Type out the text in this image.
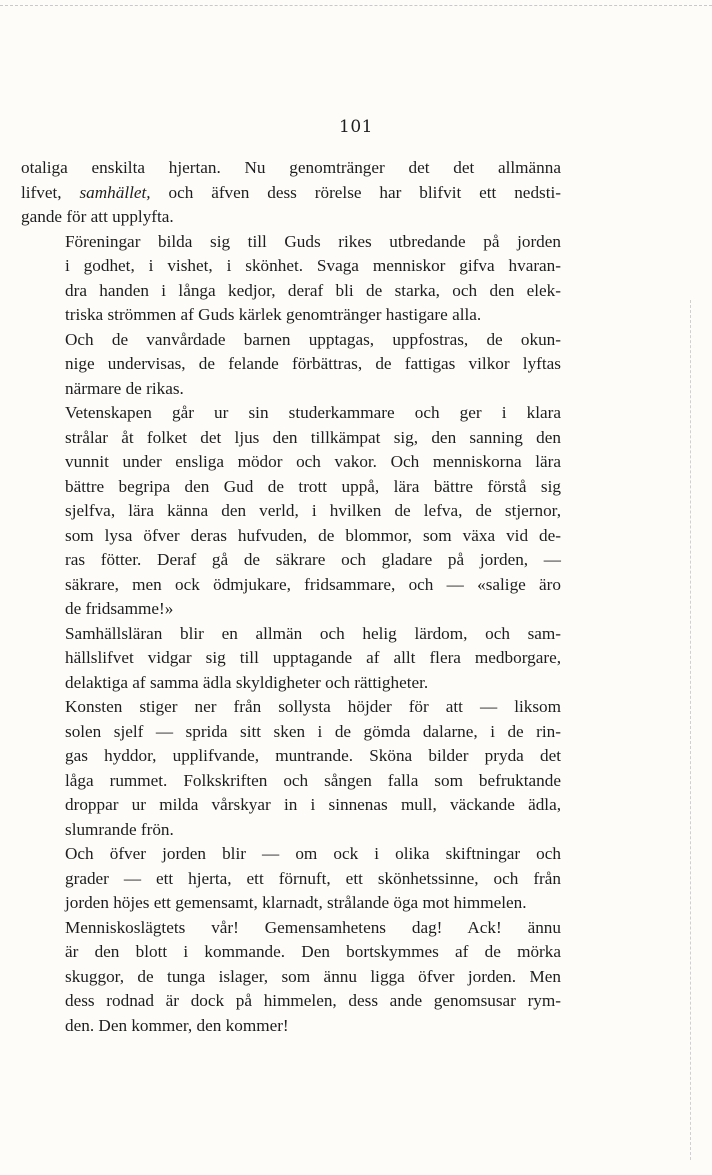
101

otaliga enskilta hjertan. Nu genomtränger det det allmänna
lifvet, samhället, och äfven dess rörelse har blifvit ett nedsti-
gande för att upplyfta.

Föreningar bilda sig till Guds rikes utbredande på jorden
i godhet, i vishet, i skönhet. Svaga menniskor gifva hvaran-
dra handen i långa kedjor, deraf bli de starka, och den elek-
triska strömmen af Guds kärlek genomtränger hastigare alla.

Och de vanvårdade barnen upptagas, uppfostras, de okun-
nige undervisas, de felande förbättras, de fattigas vilkor lyftas
närmare de rikas.

Vetenskapen går ur sin studerkammare och ger i klara
strålar åt folket det ljus den tillkämpat sig, den sanning den
vunnit under ensliga mödor och vakor. Och menniskorna lära
bättre begripa den Gud de trott uppå, lära bättre förstå sig
sjelfva, lära känna den verld, i hvilken de lefva, de stjernor,
som lysa öfver deras hufvuden, de blommor, som växa vid de-
ras fötter. Deraf gå de säkrare och gladare på jorden, —
säkrare, men ock ödmjukare, fridsammare, och — «salige äro
de fridsamme!»

Samhällsläran blir en allmän och helig lärdom, och sam-
hällslifvet vidgar sig till upptagande af allt flera medborgare,
delaktiga af samma ädla skyldigheter och rättigheter.

Konsten stiger ner från sollysta höjder för att — liksom
solen sjelf — sprida sitt sken i de gömda dalarne, i de rin-
gas hyddor, upplifvande, muntrande. Sköna bilder pryda det
låga rummet. Folkskriften och sången falla som befruktande
droppar ur milda vårskyar in i sinnenas mull, väckande ädla,
slumrande frön.

Och öfver jorden blir — om ock i olika skiftningar och
grader — ett hjerta, ett förnuft, ett skönhetssinne, och från
jorden höjes ett gemensamt, klarnadt, strålande öga mot himmelen.

Menniskoslägtets vår! Gemensamhetens dag! Ack! ännu
är den blott i kommande. Den bortskymmes af de mörka
skuggor, de tunga islager, som ännu ligga öfver jorden. Men
dess rodnad är dock på himmelen, dess ande genomsusar rym-
den. Den kommer, den kommer!
